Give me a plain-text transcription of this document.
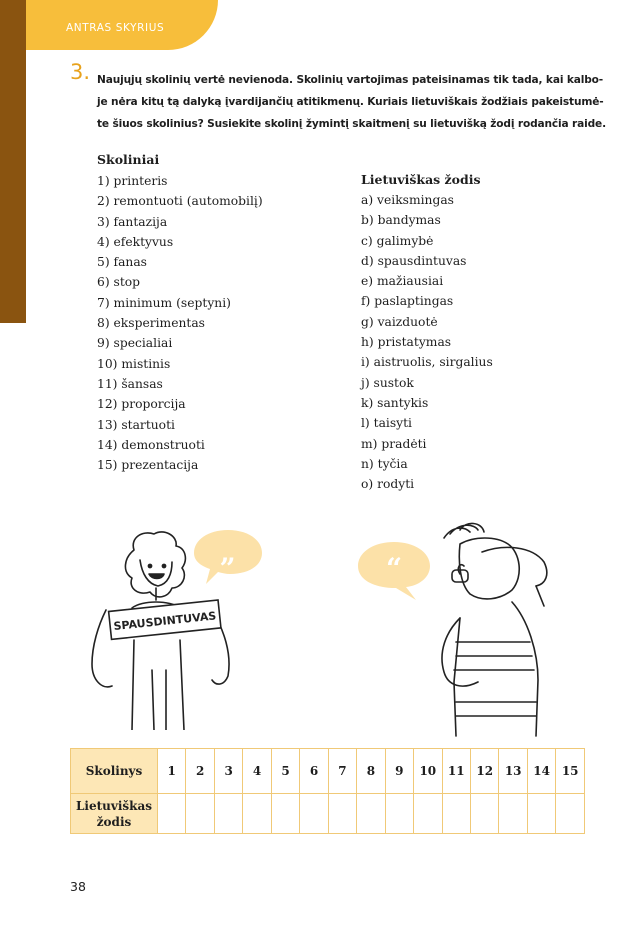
ANTRAS SKYRIUS
3. Naujųjų skolinių vertė nevienoda. Skolinių vartojimas pateisinamas tik tada, kai kalbo-
je nėra kitų tą dalyką įvardijančių atitikmenų. Kuriais lietuviškais žodžiais pakeistumė-
te šiuos skolinius? Susiekite skolinį žymintį skaitmenį su lietuvišką žodį rodančia raide.
Skoliniai
1) printeris
2) remontuoti (automobilį)
3) fantazija
4) efektyvus
5) fanas
6) stop
7) minimum (septyni)
8) eksperimentas
9) specialiai
10) mistinis
11) šansas
12) proporcija
13) startuoti
14) demonstruoti
15) prezentacija
Lietuviškas žodis
a) veiksmingas
b) bandymas
c) galimybė
d) spausdintuvas
e) mažiausiai
f) paslaptingas
g) vaizduotė
h) pristatymas
i) aistruolis, sirgalius
j) sustok
k) santykis
l) taisyti
m) pradėti
n) tyčia
o) rodyti
„	“
SPAUSDINTUVAS
Skolinys	1	2	3	4	5	6	7	8	9	10	11	12	13	14	15

Lietuviškas
žodis															

38
